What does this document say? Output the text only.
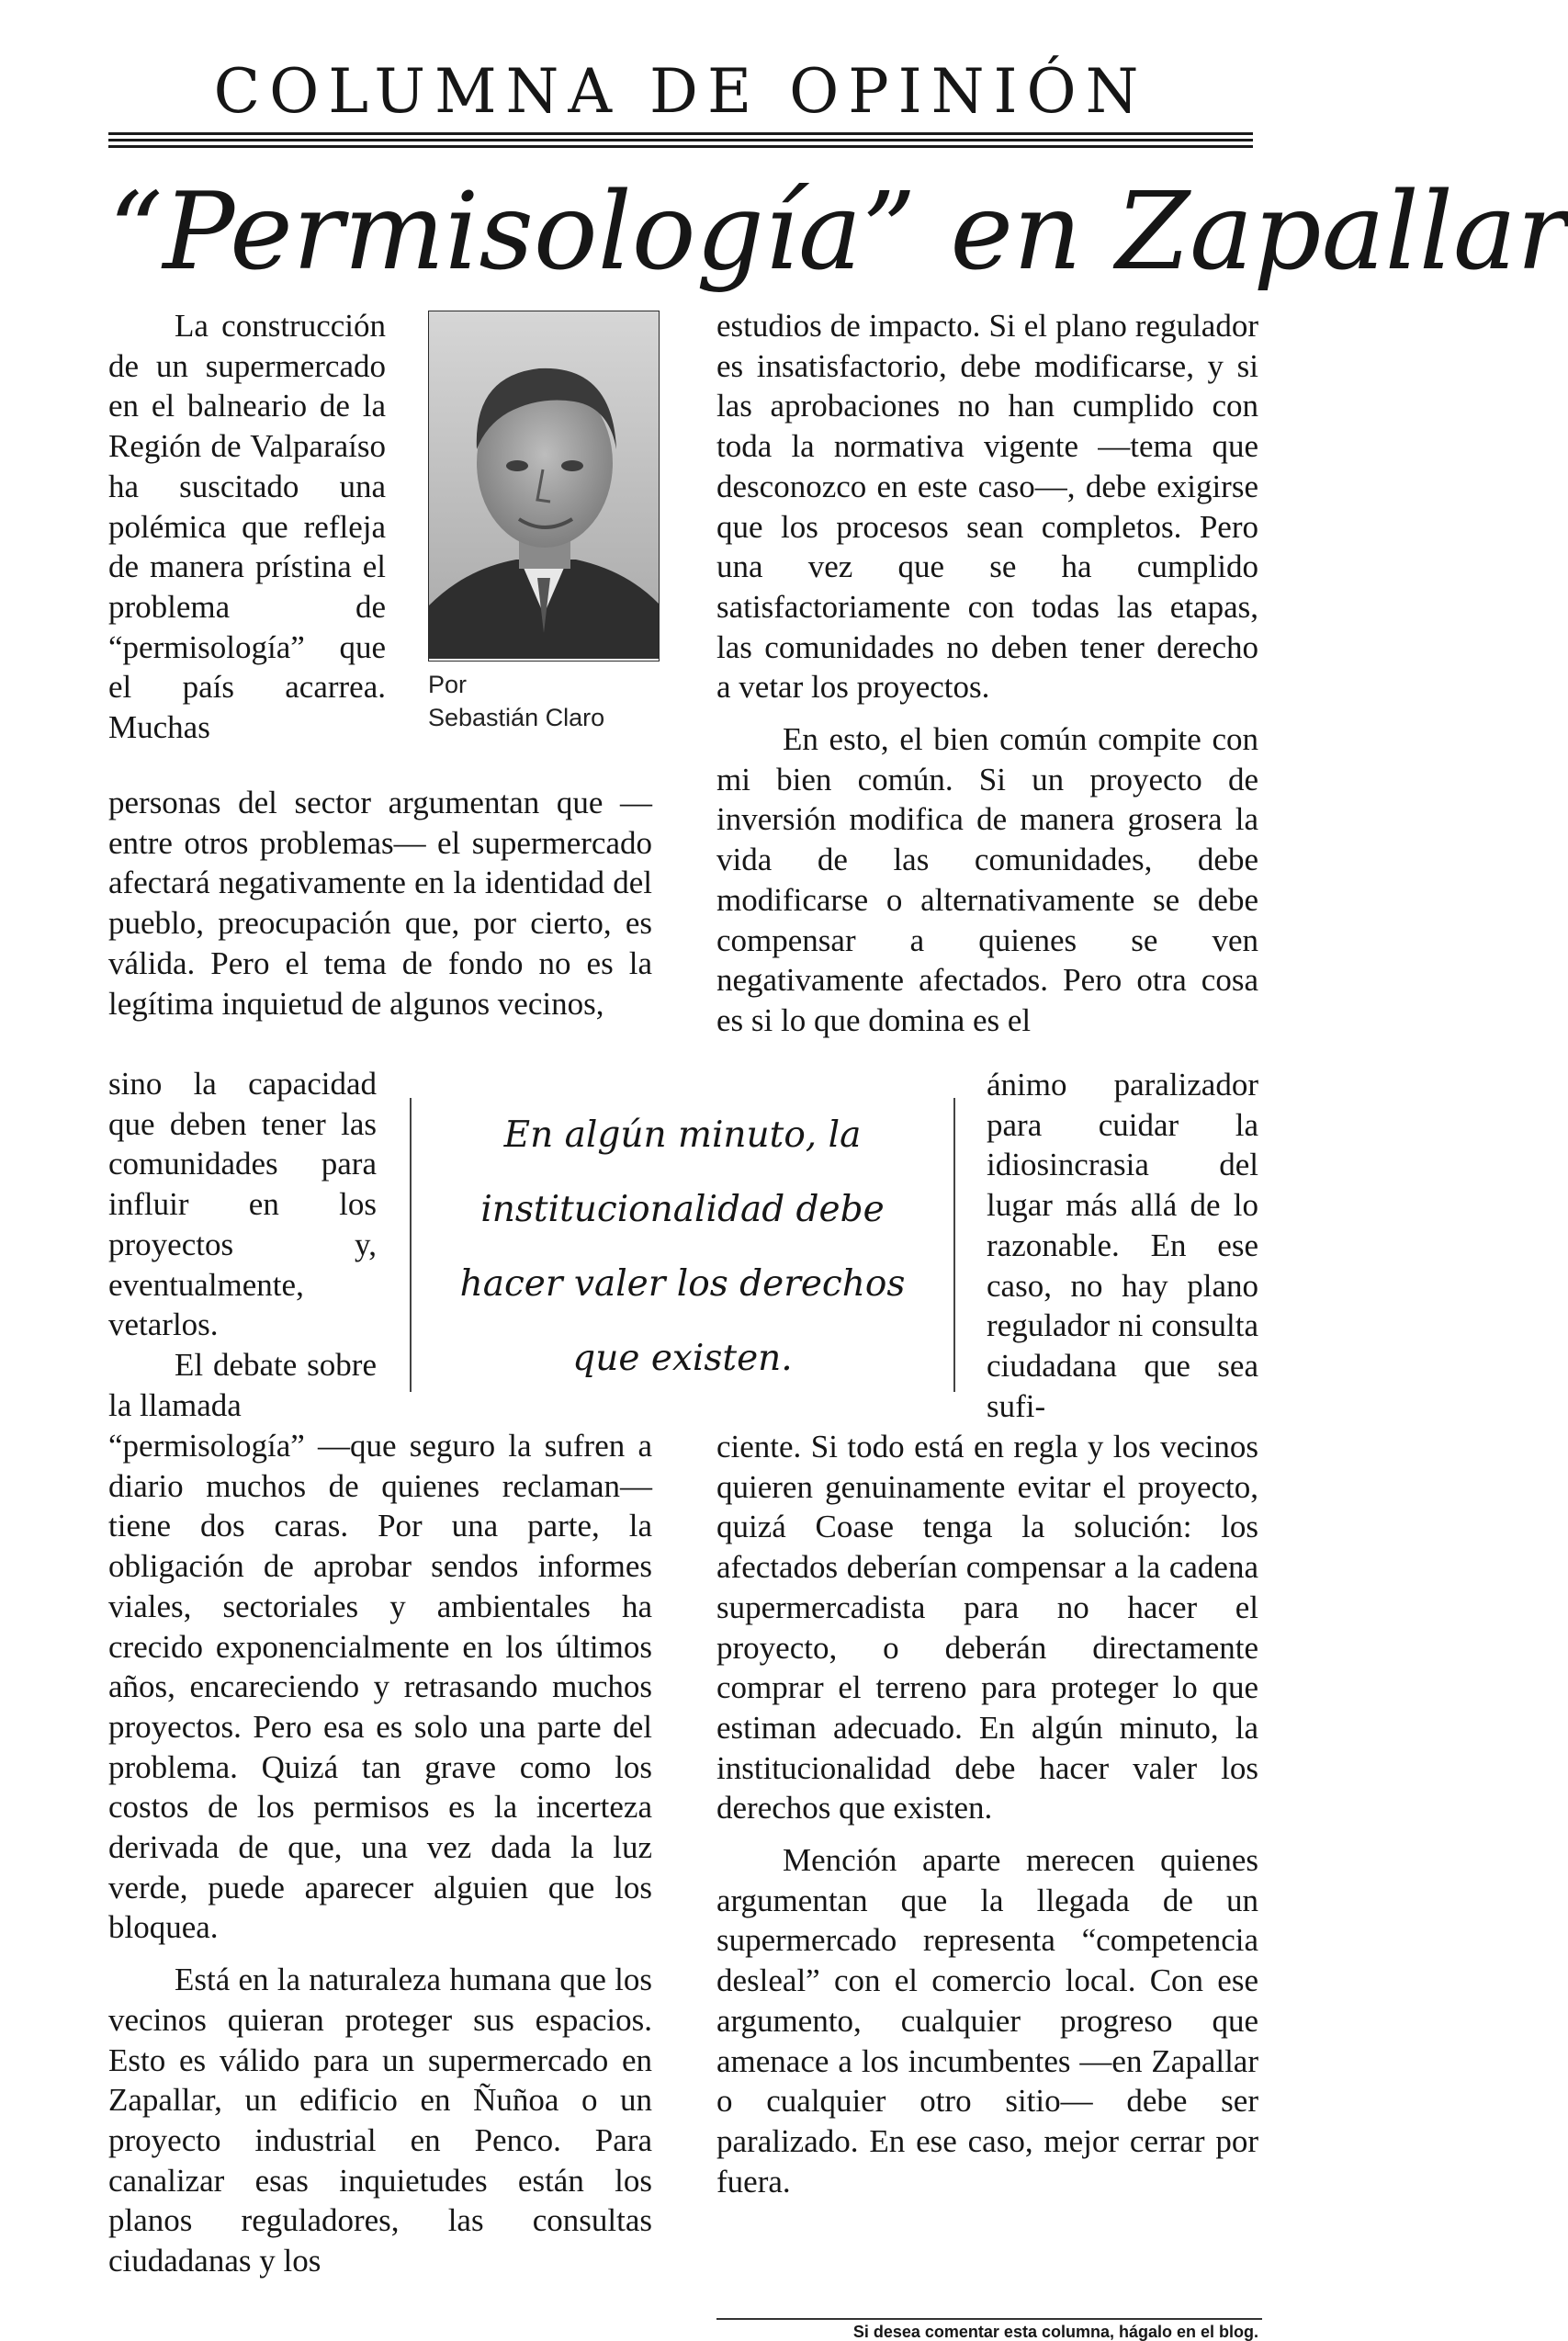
COLUMNA DE OPINIÓN
“Permisología” en Zapallar

La construcción de un supermercado en el balneario de la Región de Valparaíso ha suscitado una polémica que refleja de manera prístina el problema de “permisología” que el país acarrea. Muchas

Por
Sebastián Claro

personas del sector argumentan que —entre otros problemas— el supermercado afectará negativamente en la identidad del pueblo, preocupación que, por cierto, es válida. Pero el tema de fondo no es la legítima inquietud de algunos vecinos,

sino la capacidad que deben tener las comunidades para influir en los proyectos y, eventualmente, vetarlos.

El debate sobre la llamada

“permisología” —que seguro la sufren a diario muchos de quienes reclaman— tiene dos caras. Por una parte, la obligación de aprobar sendos informes viales, sectoriales y ambientales ha crecido exponencialmente en los últimos años, encareciendo y retrasando muchos proyectos. Pero esa es solo una parte del problema. Quizá tan grave como los costos de los permisos es la incerteza derivada de que, una vez dada la luz verde, puede aparecer alguien que los bloquea.

Está en la naturaleza humana que los vecinos quieran proteger sus espacios. Esto es válido para un supermercado en Zapallar, un edificio en Ñuñoa o un proyecto industrial en Penco. Para canalizar esas inquietudes están los planos reguladores, las consultas ciudadanas y los

En algún minuto, la
institucionalidad debe
hacer valer los derechos
que existen.

estudios de impacto. Si el plano regulador es insatisfactorio, debe modificarse, y si las aprobaciones no han cumplido con toda la normativa vigente —tema que desconozco en este caso—, debe exigirse que los procesos sean completos. Pero una vez que se ha cumplido satisfactoriamente con todas las etapas, las comunidades no deben tener derecho a vetar los proyectos.

En esto, el bien común compite con mi bien común. Si un proyecto de inversión modifica de manera grosera la vida de las comunidades, debe modificarse o alternativamente se debe compensar a quienes se ven negativamente afectados. Pero otra cosa es si lo que domina es el

ánimo paralizador para cuidar la idiosincrasia del lugar más allá de lo razonable. En ese caso, no hay plano regulador ni consulta ciudadana que sea sufi-

ciente. Si todo está en regla y los vecinos quieren genuinamente evitar el proyecto, quizá Coase tenga la solución: los afectados deberían compensar a la cadena supermercadista para no hacer el proyecto, o deberán directamente comprar el terreno para proteger lo que estiman adecuado. En algún minuto, la institucionalidad debe hacer valer los derechos que existen.

Mención aparte merecen quienes argumentan que la llegada de un supermercado representa “competencia desleal” con el comercio local. Con ese argumento, cualquier progreso que amenace a los incumbentes —en Zapallar o cualquier otro sitio— debe ser paralizado. En ese caso, mejor cerrar por fuera.

Si desea comentar esta columna, hágalo en el blog.
